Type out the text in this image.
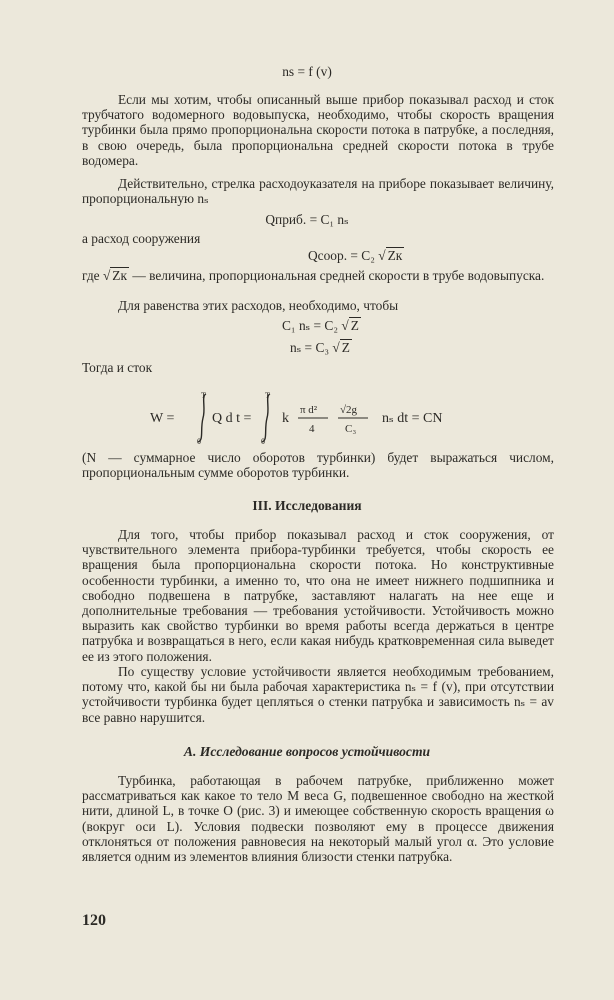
ns = f (v)

Если мы хотим, чтобы описанный выше прибор показывал расход и сток трубчатого водомерного водовыпуска, необходимо, чтобы скорость вращения турбинки была прямо пропорциональна скорости потока в патрубке, а последняя, в свою очередь, была пропорциональна средней скорости потока в трубе водомера.

Действительно, стрелка расходоуказателя на приборе показывает величину, пропорциональную nₛ

Qприб. = C₁ nₛ

а расход сооружения

Qсоор. = C₂ √ Zк

где √ Zк — величина, пропорциональная средней скорости в трубе водовыпуска.

Для равенства этих расходов, необходимо, чтобы

C₁ nₛ = C₂ √ Z
nₛ = C₃ √ Z

Тогда и сток

W =
T
0
Q d t =
T
0
k
π d²
4
√2g
C₃
nₛ dt = CN

(N — суммарное число оборотов турбинки) будет выражаться числом, пропорциональным сумме оборотов турбинки.

III. Исследования

Для того, чтобы прибор показывал расход и сток сооружения, от чувствительного элемента прибора-турбинки требуется, чтобы скорость ее вращения была пропорциональна скорости потока. Но конструктивные особенности турбинки, а именно то, что она не имеет нижнего подшипника и свободно подвешена в патрубке, заставляют налагать на нее еще и дополнительные требования — требования устойчивости. Устойчивость можно выразить как свойство турбинки во время работы всегда держаться в центре патрубка и возвращаться в него, если какая нибудь кратковременная сила выведет ее из этого положения.

По существу условие устойчивости является необходимым требованием, потому что, какой бы ни была рабочая характеристика nₛ = f (v), при отсутствии устойчивости турбинка будет цепляться о стенки патрубка и зависимость nₛ = av все равно нарушится.

A. Исследование вопросов устойчивости

Турбинка, работающая в рабочем патрубке, приближенно может рассматриваться как какое то тело M веса G, подвешенное свободно на жесткой нити, длиной L, в точке O (рис. 3) и имеющее собственную скорость вращения ω (вокруг оси L). Условия подвески позволяют ему в процессе движения отклоняться от положения равновесия на некоторый малый угол α. Это условие является одним из элементов влияния близости стенки патрубка.

120
